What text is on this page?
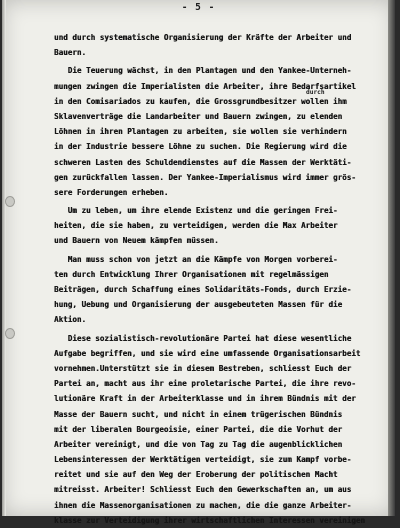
- 5 -
durch
und durch systematische Organisierung der Kräfte der Arbeiter und
Bauern.
Die Teuerung wächst, in den Plantagen und den Yankee-Unterneh-
mungen zwingen die Imperialisten die Arbeiter, ihre Bedarfsartikel
in den Comisariados zu kaufen, die Grossgrundbesitzer wollen ihm
Sklavenverträge die Landarbeiter und Bauern zwingen, zu elenden
Löhnen in ihren Plantagen zu arbeiten, sie wollen sie verhindern
in der Industrie bessere Löhne zu suchen. Die Regierung wird die
schweren Lasten des Schuldendienstes auf die Massen der Werktäti-
gen zurückfallen lassen. Der Yankee-Imperialismus wird immer grös-
sere Forderungen erheben.
Um zu leben, um ihre elende Existenz und die geringen Frei-
heiten, die sie haben, zu verteidigen, werden die Max Arbeiter
und Bauern von Neuem kämpfen müssen.
Man muss schon von jetzt an die Kämpfe von Morgen vorberei-
ten durch Entwicklung Ihrer Organisationen mit regelmässigen
Beiträgen, durch Schaffung eines Solidaritäts-Fonds, durch Erzie-
hung, Uebung und Organisierung der ausgebeuteten Massen für die
Aktion.
Diese sozialistisch-revolutionäre Partei hat diese wesentliche
Aufgabe begriffen, und sie wird eine umfassende Organisationsarbeit
vornehmen.Unterstützt sie in diesem Bestreben, schliesst Euch der
Partei an, macht aus ihr eine proletarische Partei, die ihre revo-
lutionäre Kraft in der Arbeiterklasse und in ihrem Bündnis mit der
Masse der Bauern sucht, und nicht in einem trügerischen Bündnis
mit der liberalen Bourgeoisie, einer Partei, die die Vorhut der
Arbeiter vereinigt, und die von Tag zu Tag die augenblicklichen
Lebensinteressen der Werktätigen verteidigt, sie zum Kampf vorbe-
reitet und sie auf den Weg der Eroberung der politischen Macht
mitreisst. Arbeiter! Schliesst Euch den Gewerkschaften an, um aus
ihnen die Massenorganisationen zu machen, die die ganze Arbeiter-
klasse zur Verteidigung ihrer wirtschaftlichen Interessen vereinigen
